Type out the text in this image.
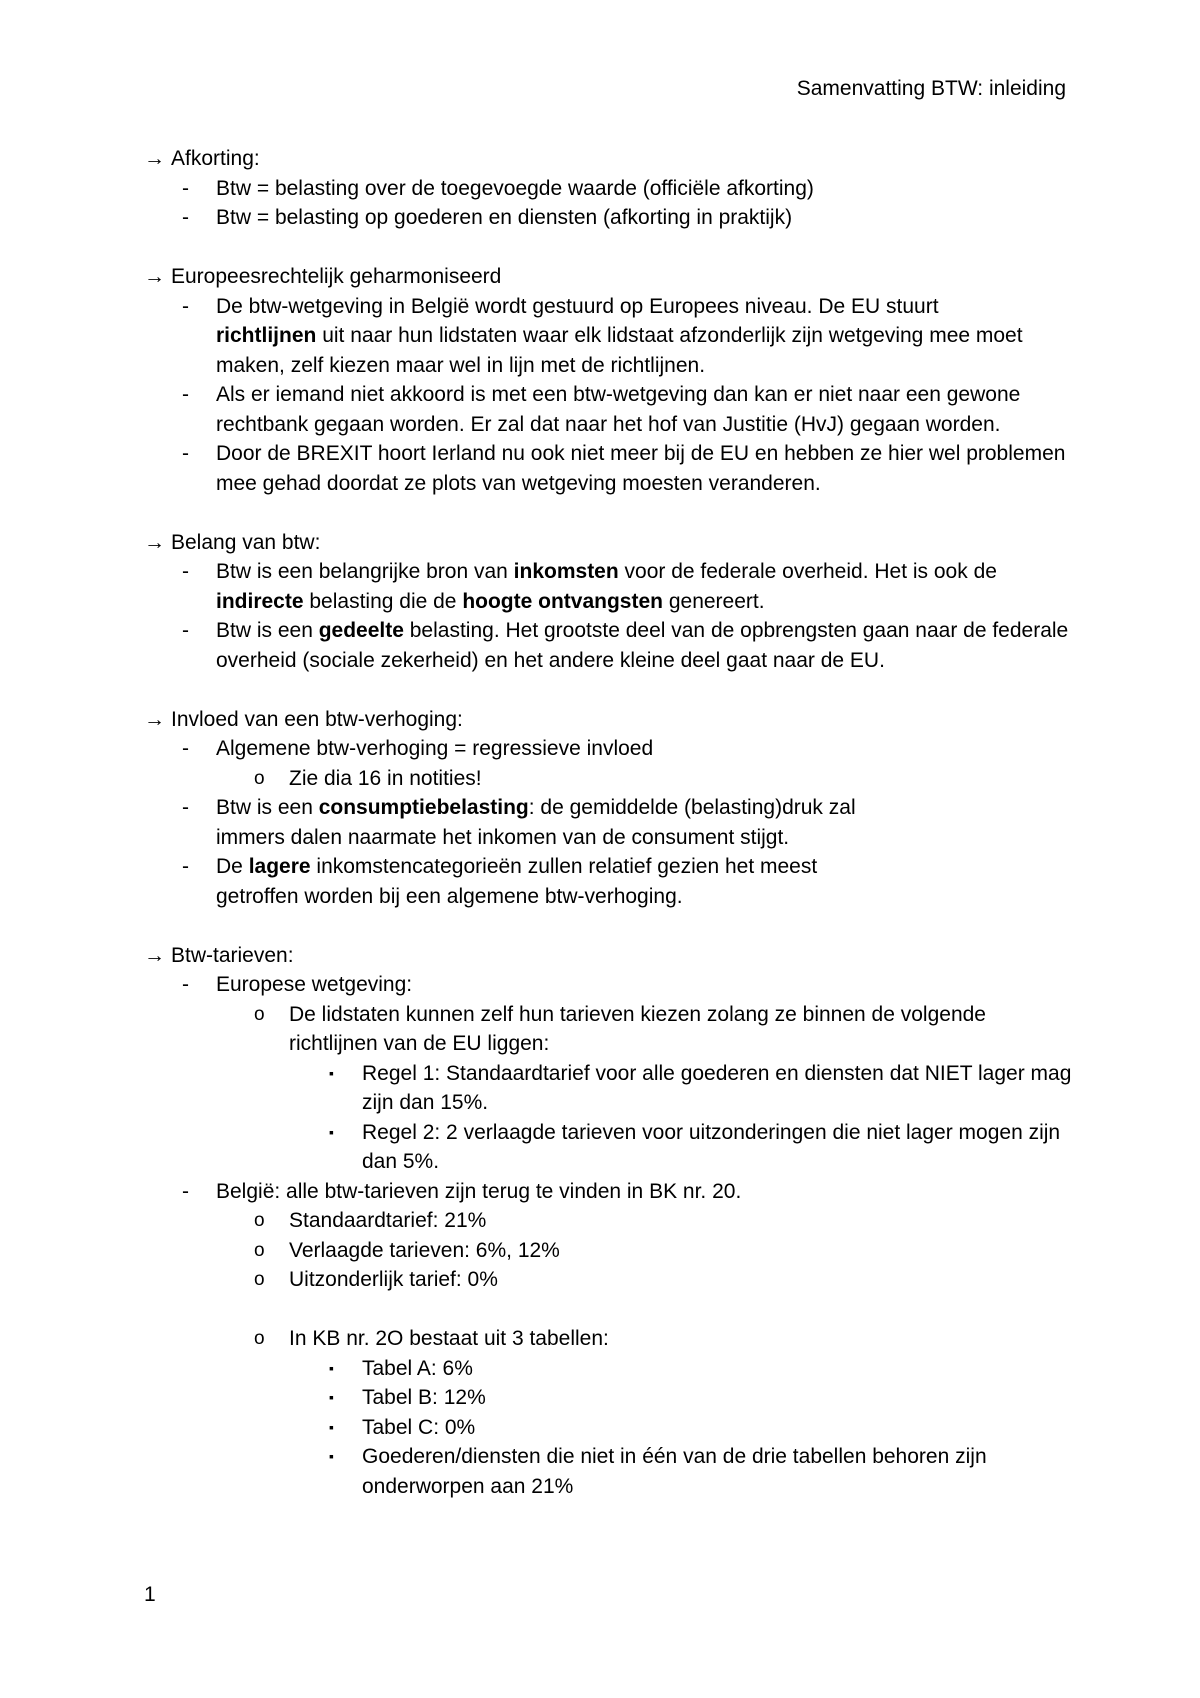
Samenvatting BTW: inleiding
→ Afkorting:
- Btw = belasting over de toegevoegde waarde (officiële afkorting)
- Btw = belasting op goederen en diensten (afkorting in praktijk)
→ Europeesrechtelijk geharmoniseerd
- De btw-wetgeving in België wordt gestuurd op Europees niveau. De EU stuurt
richtlijnen uit naar hun lidstaten waar elk lidstaat afzonderlijk zijn wetgeving mee moet maken, zelf kiezen maar wel in lijn met de richtlijnen.
- Als er iemand niet akkoord is met een btw-wetgeving dan kan er niet naar een gewone rechtbank gegaan worden. Er zal dat naar het hof van Justitie (HvJ) gegaan worden.
- Door de BREXIT hoort Ierland nu ook niet meer bij de EU en hebben ze hier wel problemen mee gehad doordat ze plots van wetgeving moesten veranderen.
→ Belang van btw:
- Btw is een belangrijke bron van inkomsten voor de federale overheid. Het is ook de indirecte belasting die de hoogte ontvangsten genereert.
- Btw is een gedeelte belasting. Het grootste deel van de opbrengsten gaan naar de federale overheid (sociale zekerheid) en het andere kleine deel gaat naar de EU.
→ Invloed van een btw-verhoging:
- Algemene btw-verhoging = regressieve invloed
o Zie dia 16 in notities!
- Btw is een consumptiebelasting: de gemiddelde (belasting)druk zal
immers dalen naarmate het inkomen van de consument stijgt.
- De lagere inkomstencategorieën zullen relatief gezien het meest
getroffen worden bij een algemene btw-verhoging.
→ Btw-tarieven:
- Europese wetgeving:
o De lidstaten kunnen zelf hun tarieven kiezen zolang ze binnen de volgende richtlijnen van de EU liggen:
▪ Regel 1: Standaardtarief voor alle goederen en diensten dat NIET lager mag zijn dan 15%.
▪ Regel 2: 2 verlaagde tarieven voor uitzonderingen die niet lager mogen zijn dan 5%.
- België: alle btw-tarieven zijn terug te vinden in BK nr. 20.
o Standaardtarief: 21%
o Verlaagde tarieven: 6%, 12%
o Uitzonderlijk tarief: 0%
o In KB nr. 2O bestaat uit 3 tabellen:
▪ Tabel A: 6%
▪ Tabel B: 12%
▪ Tabel C: 0%
▪ Goederen/diensten die niet in één van de drie tabellen behoren zijn onderworpen aan 21%
1
